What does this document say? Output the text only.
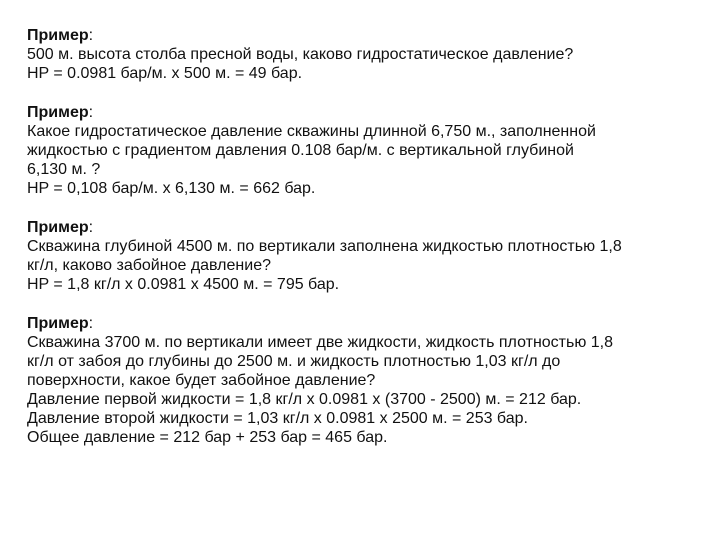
Пример:

500 м. высота столба пресной воды, каково гидростатическое давление?

HP = 0.0981 бар/м. х 500 м. = 49 бар.

Пример:

Какое гидростатическое давление скважины длинной 6,750 м., заполненной

жидкостью с градиентом давления 0.108 бар/м. с вертикальной глубиной

6,130 м. ?

HP = 0,108 бар/м. х 6,130 м. = 662 бар.

Пример:

Скважина глубиной 4500 м. по вертикали заполнена жидкостью плотностью 1,8

кг/л, каково забойное давление?

HP = 1,8 кг/л х 0.0981 х 4500 м. = 795 бар.

Пример:

Скважина 3700 м. по вертикали имеет две жидкости, жидкость плотностью 1,8

кг/л от забоя до глубины до 2500 м. и жидкость плотностью 1,03 кг/л до

поверхности, какое будет забойное давление?

Давление первой жидкости = 1,8 кг/л х 0.0981 х (3700 - 2500) м. = 212 бар.

Давление второй жидкости = 1,03 кг/л х 0.0981 х 2500 м. = 253 бар.

Общее давление = 212 бар + 253 бар = 465 бар.
